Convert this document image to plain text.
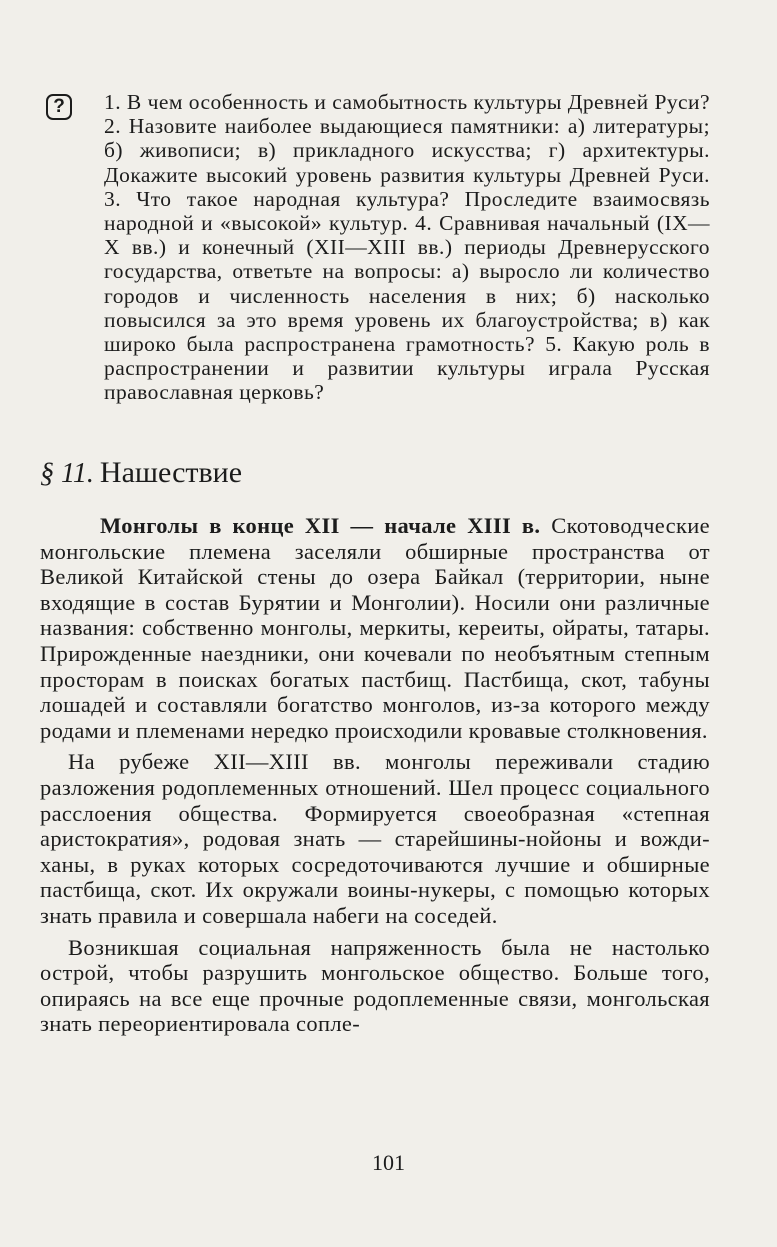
?	1. В чем особенность и самобытность культуры Древней Руси? 2. Назовите наиболее выдающиеся памятники: а) литературы; б) живописи; в) прикладного искусства; г) архитектуры. Докажите высокий уровень развития культуры Древней Руси. 3. Что такое народная культура? Проследите взаимосвязь народной и «высокой» культур. 4. Сравнивая начальный (IX—X вв.) и конечный (XII—XIII вв.) периоды Древнерусского государства, ответьте на вопросы: а) выросло ли количество городов и численность населения в них; б) насколько повысился за это время уровень их благоустройства; в) как широко была распространена грамотность? 5. Какую роль в распространении и развитии культуры играла Русская православная церковь?

§ 11. Нашествие

Монголы в конце XII — начале XIII в. Скотоводческие монгольские племена заселяли обширные пространства от Великой Китайской стены до озера Байкал (территории, ныне входящие в состав Бурятии и Монголии). Носили они различные названия: собственно монголы, меркиты, кереиты, ойраты, татары. Прирожденные наездники, они кочевали по необъятным степным просторам в поисках богатых пастбищ. Пастбища, скот, табуны лошадей и составляли богатство монголов, из-за которого между родами и племенами нередко происходили кровавые столкновения.

На рубеже XII—XIII вв. монголы переживали стадию разложения родоплеменных отношений. Шел процесс социального расслоения общества. Формируется своеобразная «степная аристократия», родовая знать — старейшины-нойоны и вожди-ханы, в руках которых сосредоточиваются лучшие и обширные пастбища, скот. Их окружали воины-нукеры, с помощью которых знать правила и совершала набеги на соседей.

Возникшая социальная напряженность была не настолько острой, чтобы разрушить монгольское общество. Больше того, опираясь на все еще прочные родоплеменные связи, монгольская знать переориентировала сопле-

101
